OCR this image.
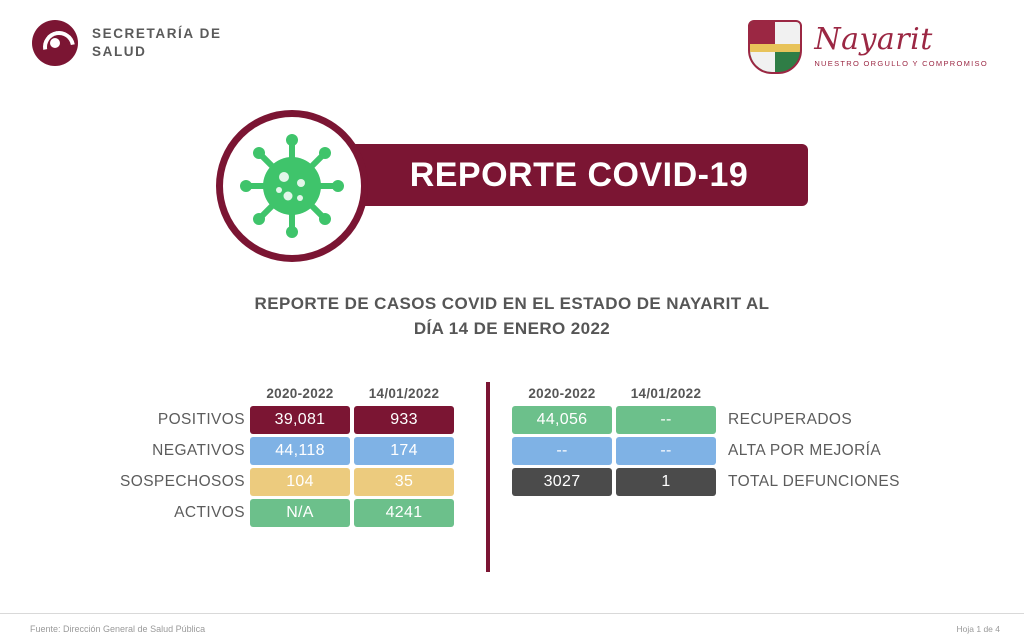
SECRETARÍA DE
SALUD	Nayarit
NUESTRO ORGULLO Y COMPROMISO
REPORTE COVID-19
REPORTE DE CASOS COVID EN EL ESTADO DE NAYARIT AL
DÍA 14 DE ENERO 2022
	2020-2022	14/01/2022
POSITIVOS	39,081	933
NEGATIVOS	44,118	174
SOSPECHOSOS	104	35
ACTIVOS	N/A	4241
2020-2022	14/01/2022	
44,056	--	RECUPERADOS
--	--	ALTA POR MEJORÍA
3027	1	TOTAL DEFUNCIONES
Fuente: Dirección General de Salud Pública	Hoja 1 de 4
